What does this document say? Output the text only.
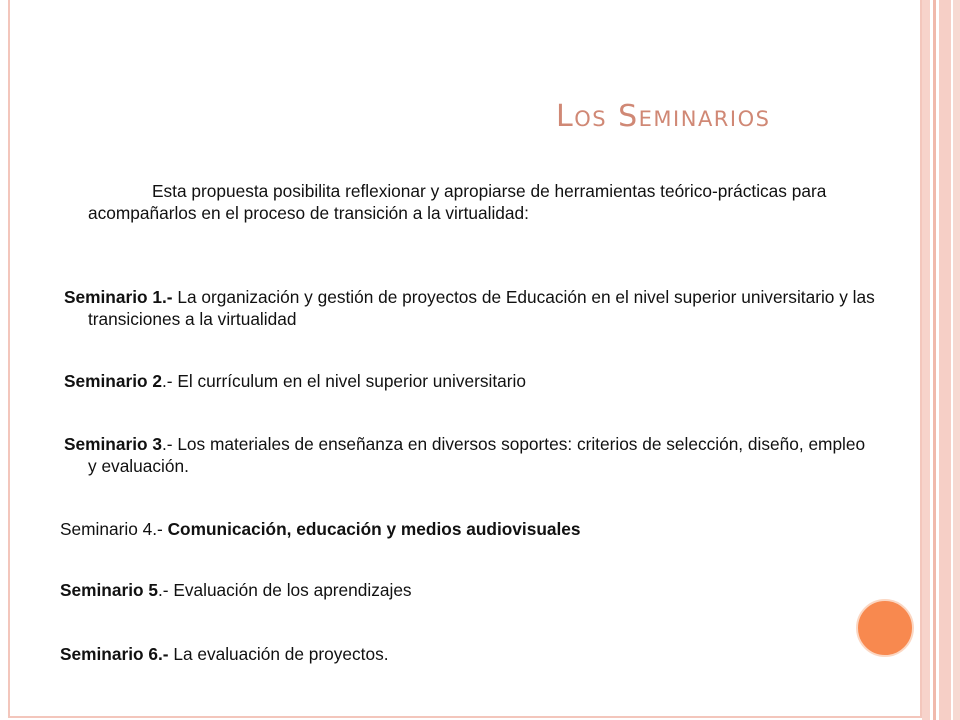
Los Seminarios

Esta propuesta posibilita reflexionar y apropiarse de herramientas teórico-prácticas para acompañarlos en el proceso de transición a la virtualidad:

Seminario 1.- La organización y gestión de proyectos de Educación en el nivel superior universitario y las transiciones a la virtualidad

Seminario 2.- El currículum en el nivel superior universitario

Seminario 3.- Los materiales de enseñanza en diversos soportes: criterios de selección, diseño, empleo y evaluación.

Seminario 4.- Comunicación, educación y medios audiovisuales

Seminario 5.- Evaluación de los aprendizajes

Seminario 6.- La evaluación de proyectos.
